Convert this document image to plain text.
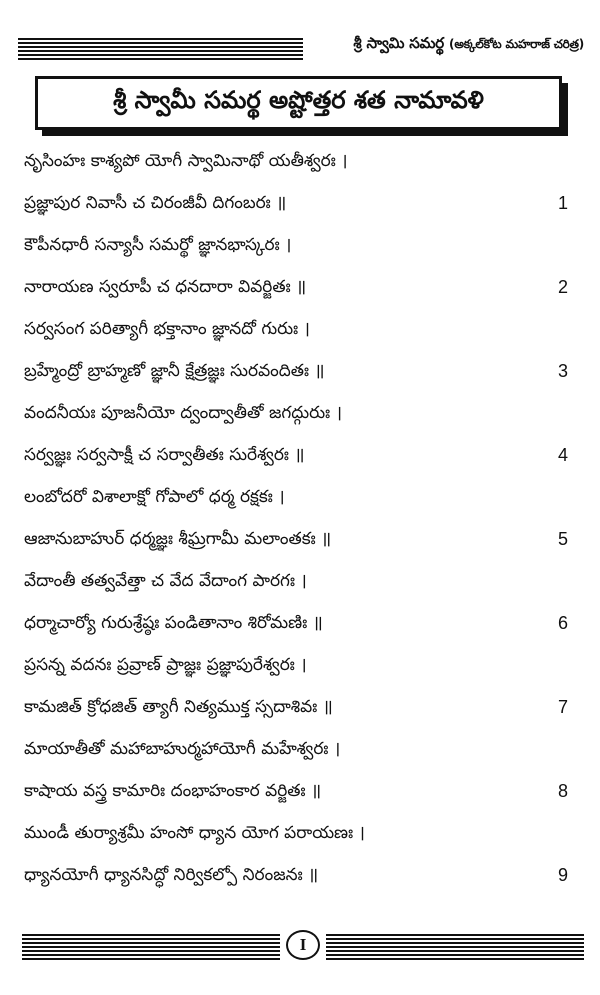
శ్రీ స్వామి సమర్థ (అక్కల్‌కోట మహరాజ్ చరిత్ర)
శ్రీ స్వామీ సమర్థ అష్టోత్తర శత నామావళి
నృసింహః కాశ్యపో యోగీ స్వామినాథో యతీశ్వరః ।
ప్రజ్ఞాపుర నివాసీ చ చిరంజీవీ దిగంబరః ॥	1
కౌపీనధారీ సన్యాసీ సమర్థో జ్ఞానభాస్కరః ।
నారాయణ స్వరూపీ చ ధనదారా వివర్జితః ॥	2
సర్వసంగ పరిత్యాగీ భక్తానాం జ్ఞానదో గురుః ।
బ్రహ్మేంద్రో బ్రాహ్మణో జ్ఞానీ క్షేత్రజ్ఞః సురవందితః ॥	3
వందనీయః పూజనీయో ద్వంద్వాతీతో జగద్గురుః ।
సర్వజ్ఞః సర్వసాక్షీ చ సర్వాతీతః సురేశ్వరః ॥	4
లంబోదరో విశాలాక్షో గోపాలో ధర్మ రక్షకః ।
ఆజానుబాహుర్ ధర్మజ్ఞః శీఘ్రగామీ మలాంతకః ॥	5
వేదాంతీ తత్వవేత్తా చ వేద వేదాంగ పారగః ।
ధర్మాచార్యో గురుశ్రేష్ఠః పండితానాం శిరోమణిః ॥	6
ప్రసన్న వదనః ప్రవ్రాణ్ ప్రాజ్ఞః ప్రజ్ఞాపురేశ్వరః ।
కామజిత్ క్రోధజిత్ త్యాగీ నిత్యముక్త స్సదాశివః ॥	7
మాయాతీతో మహాబాహుర్మహాయోగీ మహేశ్వరః ।
కాషాయ వస్త్ర కామారిః దంభాహంకార వర్జితః ॥	8
ముండీ తుర్యాశ్రమీ హంసో ధ్యాన యోగ పరాయణః ।
ధ్యానయోగీ ధ్యానసిద్ధో నిర్వికల్పో నిరంజనః ॥	9
I
